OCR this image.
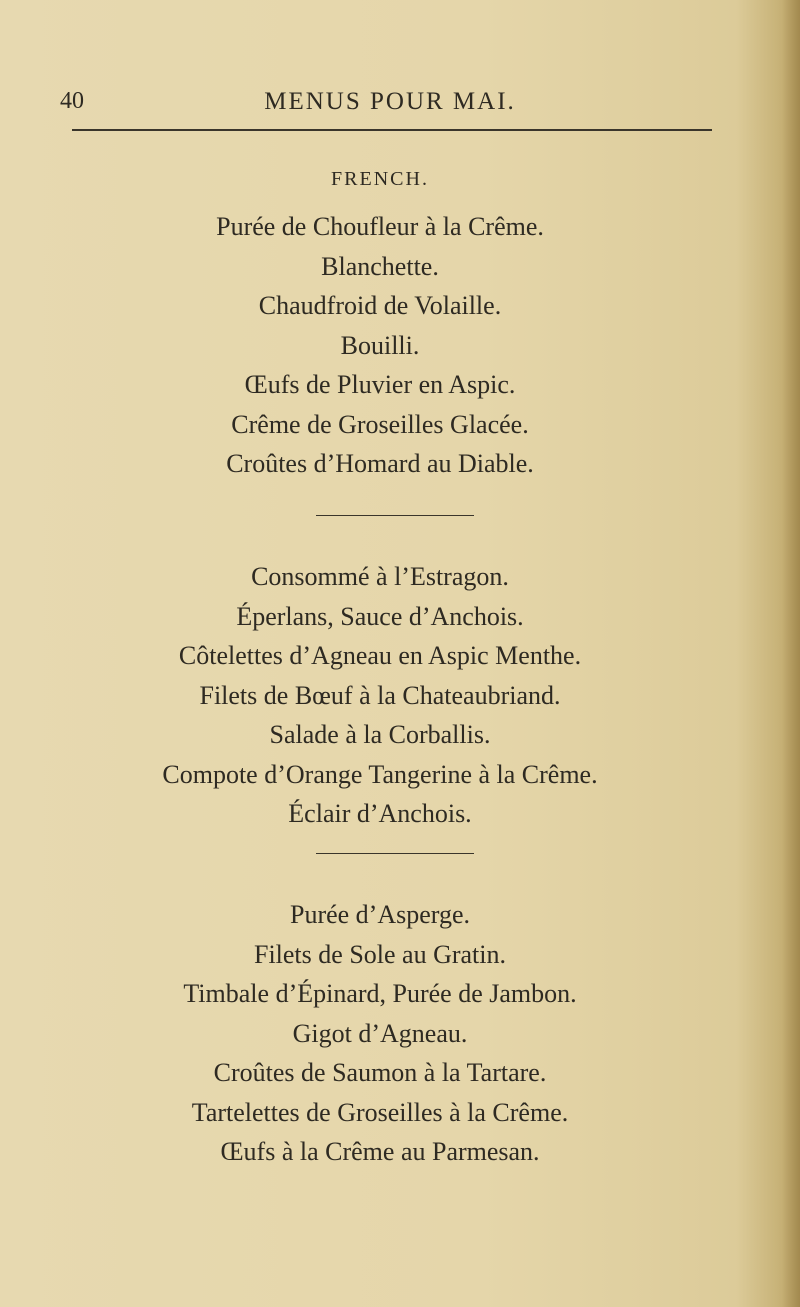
40	MENUS POUR MAI.
FRENCH.
Purée de Choufleur à la Crême.
Blanchette.
Chaudfroid de Volaille.
Bouilli.
Œufs de Pluvier en Aspic.
Crême de Groseilles Glacée.
Croûtes d’Homard au Diable.
Consommé à l’Estragon.
Éperlans, Sauce d’Anchois.
Côtelettes d’Agneau en Aspic Menthe.
Filets de Bœuf à la Chateaubriand.
Salade à la Corballis.
Compote d’Orange Tangerine à la Crême.
Éclair d’Anchois.
Purée d’Asperge.
Filets de Sole au Gratin.
Timbale d’Épinard, Purée de Jambon.
Gigot d’Agneau.
Croûtes de Saumon à la Tartare.
Tartelettes de Groseilles à la Crême.
Œufs à la Crême au Parmesan.
